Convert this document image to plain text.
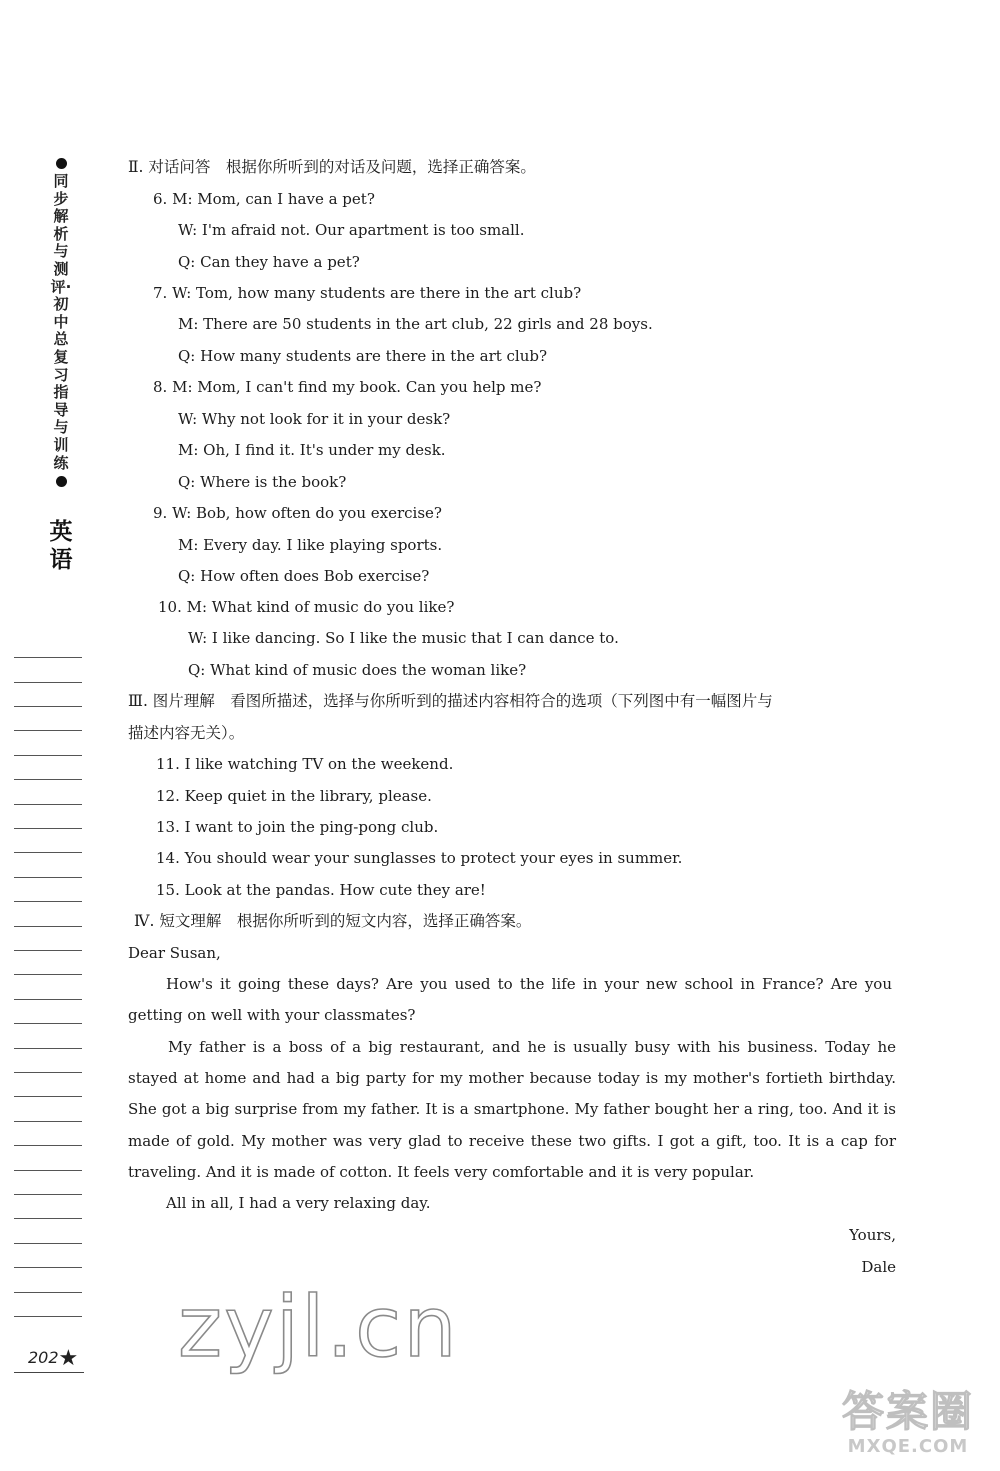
同步解析与测评·初中总复习指导与训练
英语
Ⅱ. 对话问答　根据你所听到的对话及问题，选择正确答案。
6. M: Mom, can I have a pet?
W: I'm afraid not. Our apartment is too small.
Q: Can they have a pet?
7. W: Tom, how many students are there in the art club?
M: There are 50 students in the art club, 22 girls and 28 boys.
Q: How many students are there in the art club?
8. M: Mom, I can't find my book. Can you help me?
W: Why not look for it in your desk?
M: Oh, I find it. It's under my desk.
Q: Where is the book?
9. W: Bob, how often do you exercise?
M: Every day. I like playing sports.
Q: How often does Bob exercise?
10. M: What kind of music do you like?
W: I like dancing. So I like the music that I can dance to.
Q: What kind of music does the woman like?
Ⅲ. 图片理解　看图所描述，选择与你所听到的描述内容相符合的选项（下列图中有一幅图片与
描述内容无关）。
11. I like watching TV on the weekend.
12. Keep quiet in the library, please.
13. I want to join the ping-pong club.
14. You should wear your sunglasses to protect your eyes in summer.
15. Look at the pandas. How cute they are!
Ⅳ. 短文理解　根据你所听到的短文内容，选择正确答案。
Dear Susan,
How's it going these days? Are you used to the life in your new school in France? Are you getting on well with your classmates?
My father is a boss of a big restaurant, and he is usually busy with his business. Today he stayed at home and had a big party for my mother because today is my mother's fortieth birthday. She got a big surprise from my father. It is a smartphone. My father bought her a ring, too. And it is made of gold. My mother was very glad to receive these two gifts. I got a gift, too. It is a cap for traveling. And it is made of cotton. It feels very comfortable and it is very popular.
All in all, I had a very relaxing day.
Yours,
Dale
zyjl.cn
202★
答案圈
MXQE.COM
